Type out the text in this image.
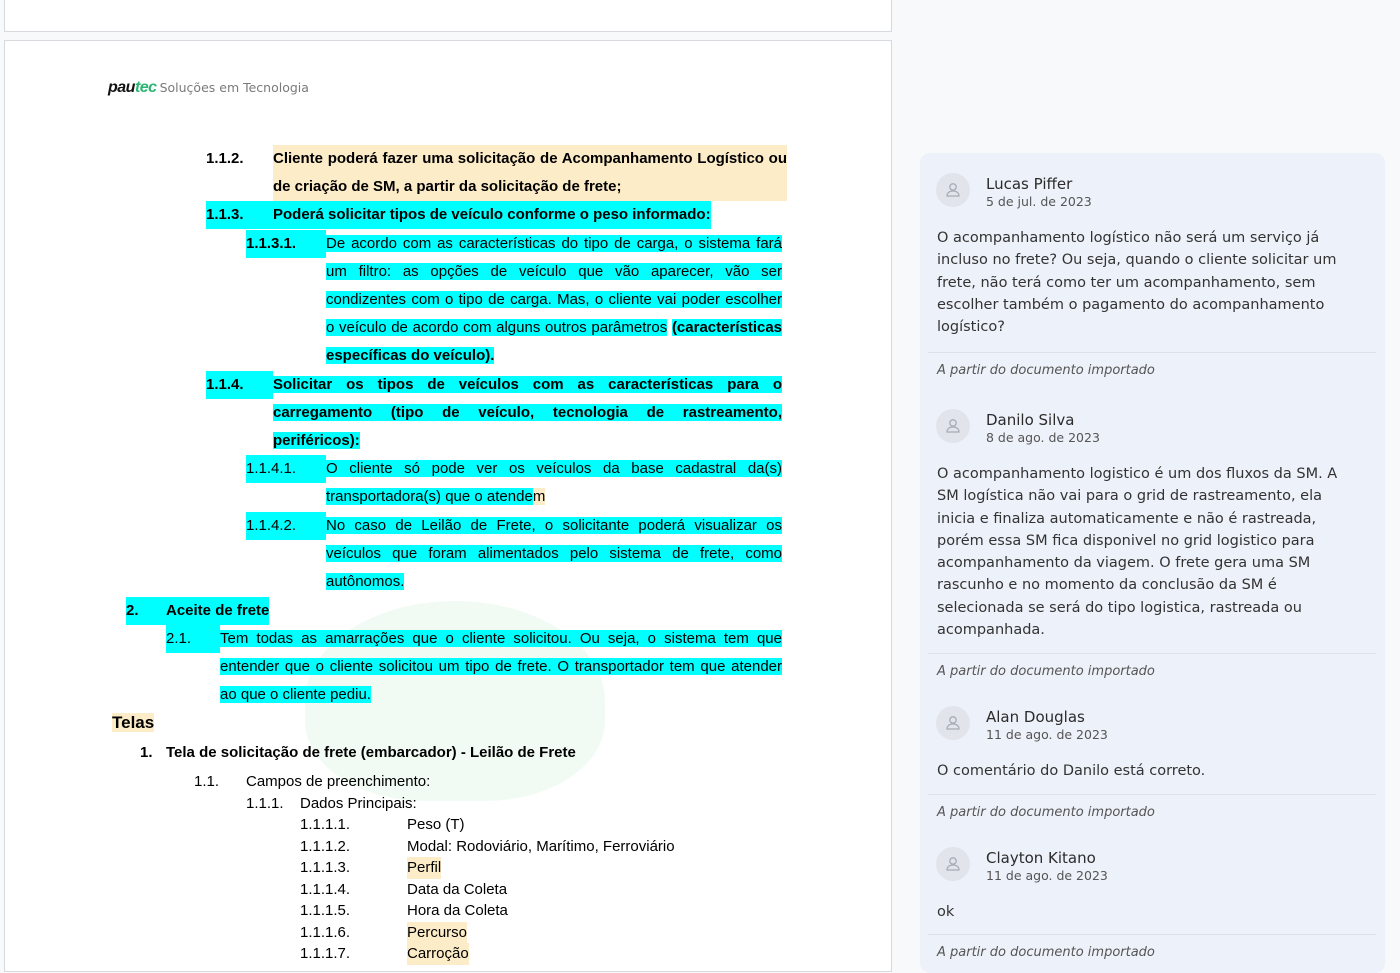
pautec Soluções em Tecnologia
1.1.2. Cliente poderá fazer uma solicitação de Acompanhamento Logístico ou de criação de SM, a partir da solicitação de frete;
1.1.3.	Poderá solicitar tipos de veículo conforme o peso informado:
1.1.3.1.	De acordo com as características do tipo de carga, o sistema fará um filtro: as opções de veículo que vão aparecer, vão ser condizentes com o tipo de carga. Mas, o cliente vai poder escolher o veículo de acordo com alguns outros parâmetros (características específicas do veículo).
1.1.4.	Solicitar os tipos de veículos com as características para o carregamento (tipo de veículo, tecnologia de rastreamento, periféricos):
1.1.4.1.	O cliente só pode ver os veículos da base cadastral da(s) transportadora(s) que o atendem
1.1.4.2.	No caso de Leilão de Frete, o solicitante poderá visualizar os veículos que foram alimentados pelo sistema de frete, como autônomos.
2.	Aceite de frete
2.1.	Tem todas as amarrações que o cliente solicitou. Ou seja, o sistema tem que entender que o cliente solicitou um tipo de frete. O transportador tem que atender ao que o cliente pediu.
Telas
1. Tela de solicitação de frete (embarcador) - Leilão de Frete
1.1. Campos de preenchimento:
1.1.1. Dados Principais:
1.1.1.1.	Peso (T)
1.1.1.2.	Modal: Rodoviário, Marítimo, Ferroviário
1.1.1.3.	Perfil
1.1.1.4.	Data da Coleta
1.1.1.5.	Hora da Coleta
1.1.1.6.	Percurso
1.1.1.7.	Carroção
Lucas Piffer
5 de jul. de 2023
O acompanhamento logístico não será um serviço já incluso no frete? Ou seja, quando o cliente solicitar um frete, não terá como ter um acompanhamento, sem escolher também o pagamento do acompanhamento logístico?
A partir do documento importado
Danilo Silva
8 de ago. de 2023
O acompanhamento logistico é um dos fluxos da SM. A SM logística não vai para o grid de rastreamento, ela inicia e finaliza automaticamente e não é rastreada, porém essa SM fica disponivel no grid logistico para acompanhamento da viagem. O frete gera uma SM rascunho e no momento da conclusão da SM é selecionada se será do tipo logistica, rastreada ou acompanhada.
A partir do documento importado
Alan Douglas
11 de ago. de 2023
O comentário do Danilo está correto.
A partir do documento importado
Clayton Kitano
11 de ago. de 2023
ok
A partir do documento importado
